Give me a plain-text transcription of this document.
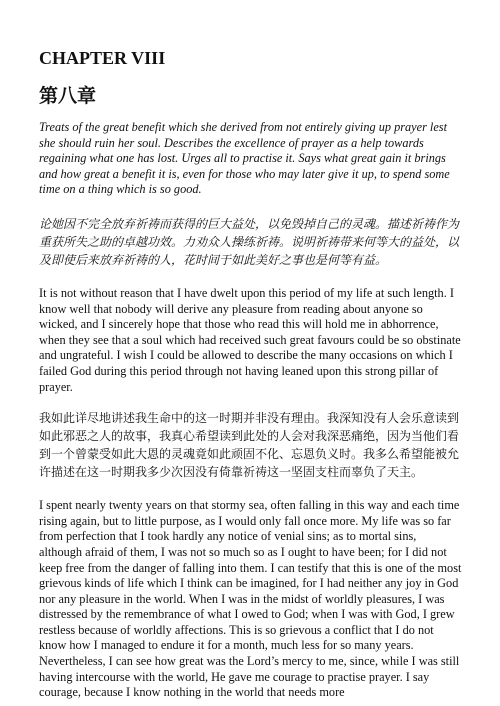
CHAPTER VIII
第八章

Treats of the great benefit which she derived from not entirely giving up prayer lest she should ruin her soul. Describes the excellence of prayer as a help towards regaining what one has lost. Urges all to practise it. Says what great gain it brings and how great a benefit it is, even for those who may later give it up, to spend some time on a thing which is so good.

论她因不完全放弃祈祷而获得的巨大益处，以免毁掉自己的灵魂。描述祈祷作为重获所失之助的卓越功效。力劝众人操练祈祷。说明祈祷带来何等大的益处，以及即使后来放弃祈祷的人，花时间于如此美好之事也是何等有益。

It is not without reason that I have dwelt upon this period of my life at such length. I know well that nobody will derive any pleasure from reading about anyone so wicked, and I sincerely hope that those who read this will hold me in abhorrence, when they see that a soul which had received such great favours could be so obstinate and ungrateful. I wish I could be allowed to describe the many occasions on which I failed God during this period through not having leaned upon this strong pillar of prayer.

我如此详尽地讲述我生命中的这一时期并非没有理由。我深知没有人会乐意读到如此邪恶之人的故事，我真心希望读到此处的人会对我深恶痛绝，因为当他们看到一个曾蒙受如此大恩的灵魂竟如此顽固不化、忘恩负义时。我多么希望能被允许描述在这一时期我多少次因没有倚靠祈祷这一坚固支柱而辜负了天主。

I spent nearly twenty years on that stormy sea, often falling in this way and each time rising again, but to little purpose, as I would only fall once more. My life was so far from perfection that I took hardly any notice of venial sins; as to mortal sins, although afraid of them, I was not so much so as I ought to have been; for I did not keep free from the danger of falling into them. I can testify that this is one of the most grievous kinds of life which I think can be imagined, for I had neither any joy in God nor any pleasure in the world. When I was in the midst of worldly pleasures, I was distressed by the remembrance of what I owed to God; when I was with God, I grew restless because of worldly affections. This is so grievous a conflict that I do not know how I managed to endure it for a month, much less for so many years. Nevertheless, I can see how great was the Lord’s mercy to me, since, while I was still having intercourse with the world, He gave me courage to practise prayer. I say courage, because I know nothing in the world that needs more
